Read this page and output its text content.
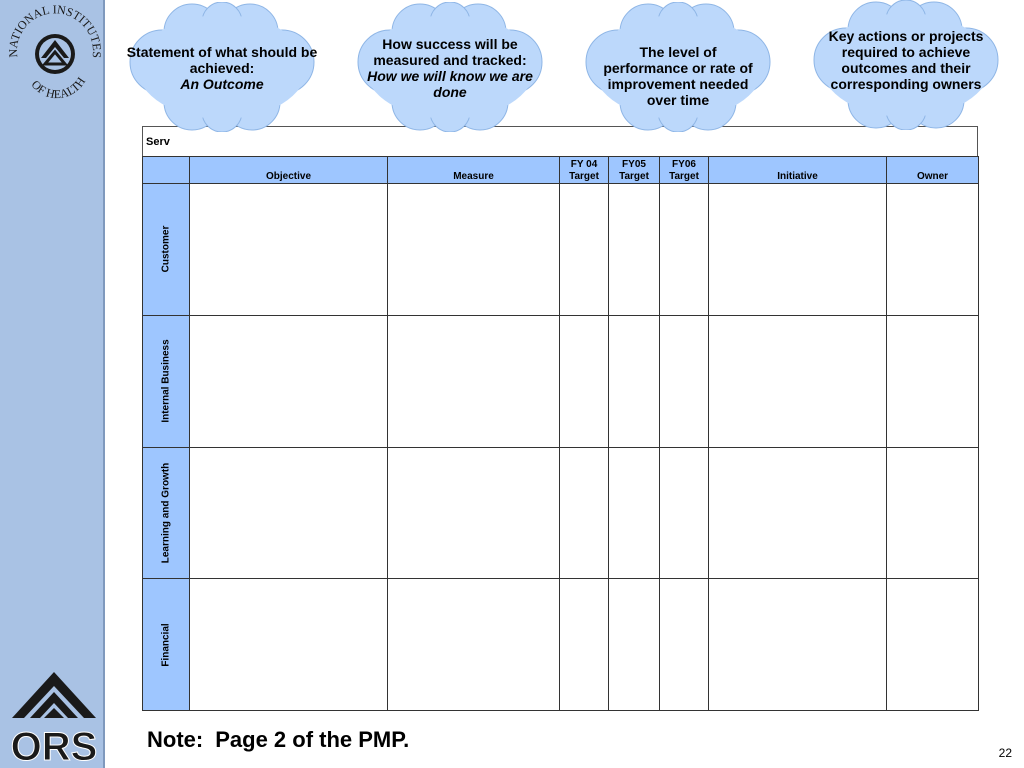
NATIONAL INSTITUTES
OF HEALTH
ORS
Serv
	Objective	Measure	FY 04 Target	FY05 Target	FY06 Target	Initiative	Owner

Customer							

Internal Business							

Learning and Growth							

Financial							

Statement of what should be achieved:
An Outcome
How success will be measured and tracked:
How we will know we are done
The level of performance or rate of improvement needed over time
Key actions or projects required to achieve outcomes and their corresponding owners
Note: Page 2 of the PMP.
22
